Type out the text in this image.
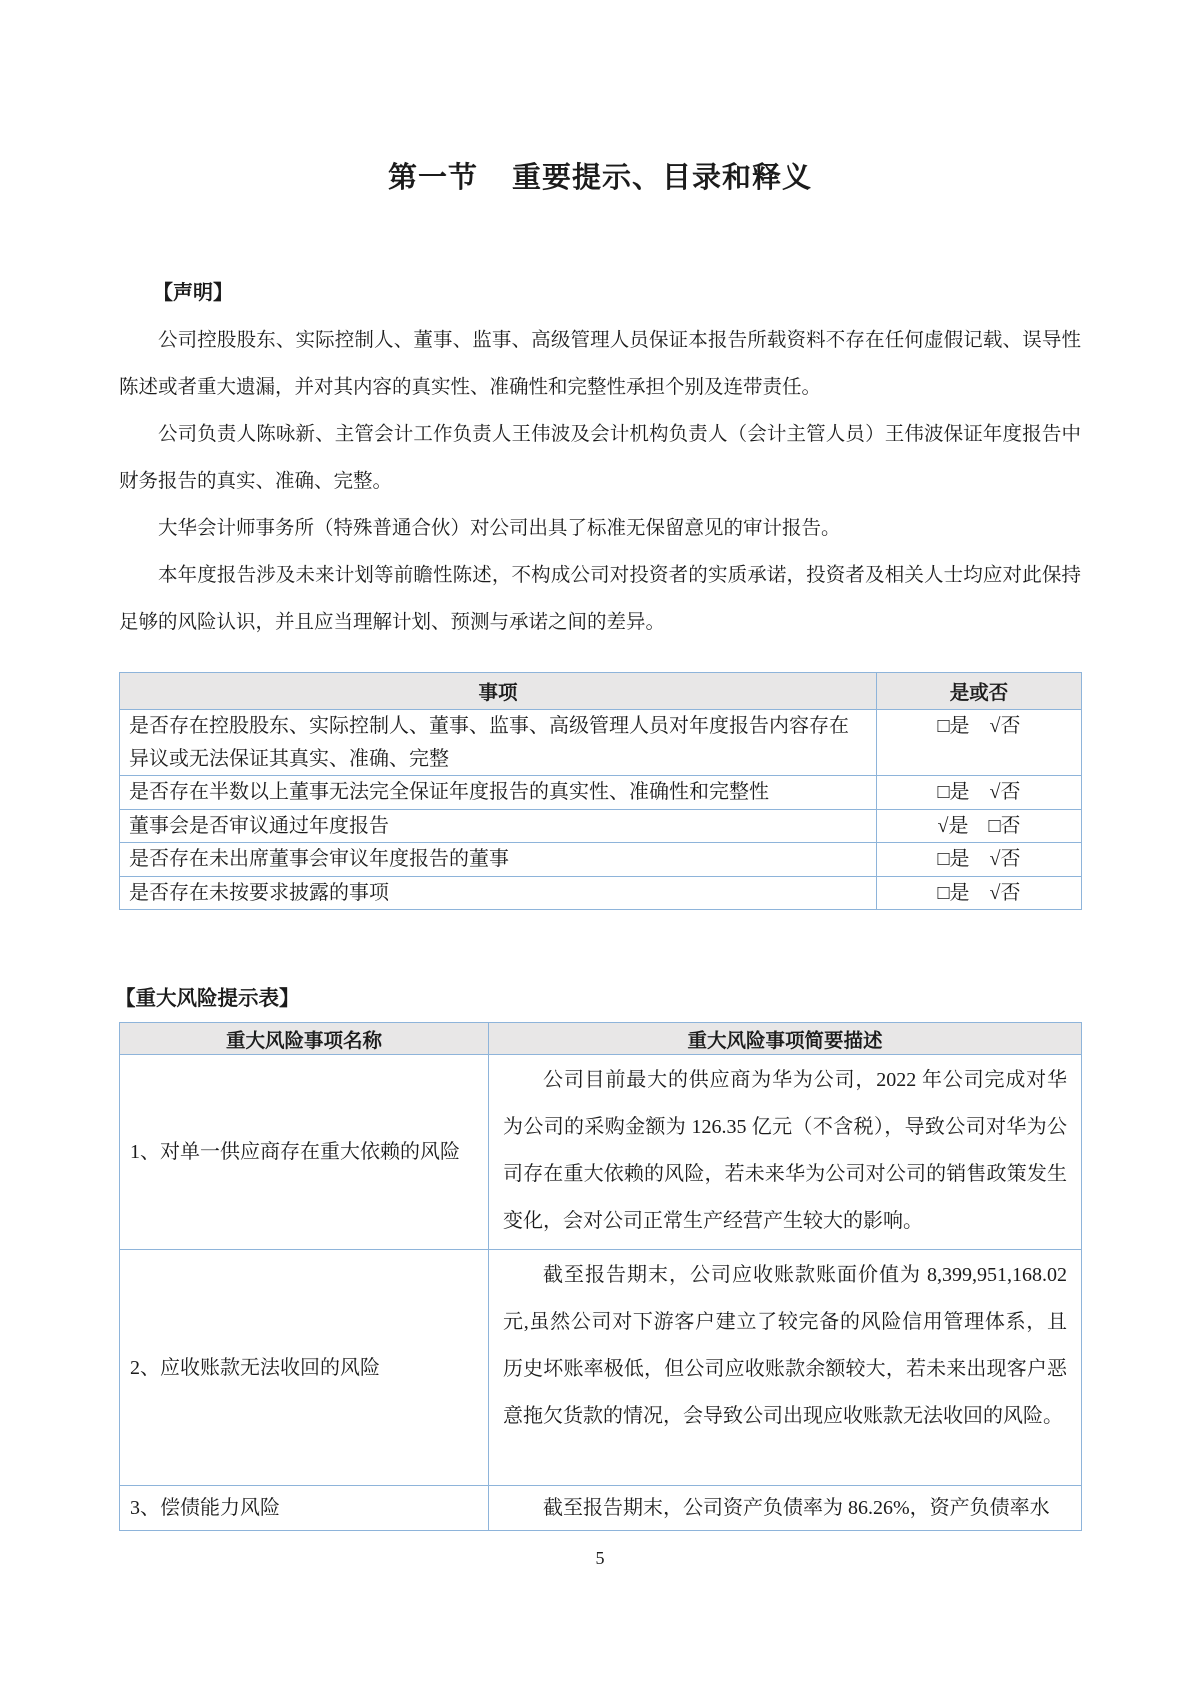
第一节 重要提示、目录和释义
【声明】

公司控股股东、实际控制人、董事、监事、高级管理人员保证本报告所载资料不存在任何虚假记载、误导性陈述或者重大遗漏，并对其内容的真实性、准确性和完整性承担个别及连带责任。

公司负责人陈咏新、主管会计工作负责人王伟波及会计机构负责人（会计主管人员）王伟波保证年度报告中财务报告的真实、准确、完整。

大华会计师事务所（特殊普通合伙）对公司出具了标准无保留意见的审计报告。

本年度报告涉及未来计划等前瞻性陈述，不构成公司对投资者的实质承诺，投资者及相关人士均应对此保持足够的风险认识，并且应当理解计划、预测与承诺之间的差异。

事项	是或否
是否存在控股股东、实际控制人、董事、监事、高级管理人员对年度报告内容存在异议或无法保证其真实、准确、完整	□是　√否
是否存在半数以上董事无法完全保证年度报告的真实性、准确性和完整性	□是　√否
董事会是否审议通过年度报告	√是　□否
是否存在未出席董事会审议年度报告的董事	□是　√否
是否存在未按要求披露的事项	□是　√否
【重大风险提示表】
重大风险事项名称	重大风险事项简要描述
1、对单一供应商存在重大依赖的风险	公司目前最大的供应商为华为公司，2022 年公司完成对华为公司的采购金额为 126.35 亿元（不含税），导致公司对华为公司存在重大依赖的风险，若未来华为公司对公司的销售政策发生变化，会对公司正常生产经营产生较大的影响。
2、应收账款无法收回的风险	截至报告期末，公司应收账款账面价值为 8,399,951,168.02 元,虽然公司对下游客户建立了较完备的风险信用管理体系，且历史坏账率极低，但公司应收账款余额较大，若未来出现客户恶意拖欠货款的情况，会导致公司出现应收账款无法收回的风险。
3、偿债能力风险	截至报告期末，公司资产负债率为 86.26%，资产负债率水
5
